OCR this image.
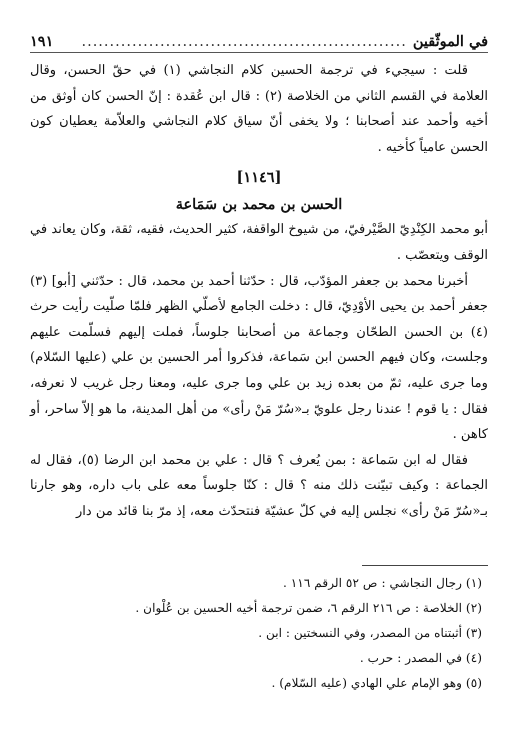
في الموثّقين
..........................................................
١٩١

قلت : سيجيء في ترجمة الحسين كلام النجاشي (١) في حقّ الحسن، وقال العلامة في القسم الثاني من الخلاصة (٢) : قال ابن عُقدة : إنّ الحسن كان أوثق من أخيه وأحمد عند أصحابنا ؛ ولا يخفى أنّ سياق كلام النجاشي والعلاّمة يعطيان كون الحسن عامياً كأخيه .

[١١٤٦]
الحسن بن محمد بن سَمَاعة

أبو محمد الكِنْدِيّ الصَّيْرفيّ، من شيوخ الواقفة، كثير الحديث، فقيه، ثقة، وكان يعاند في الوقف ويتعصّب .

أخبرنا محمد بن جعفر المؤدّب، قال : حدّثنا أحمد بن محمد، قال : حدّثني [أبو] (٣) جعفر أحمد بن يحيى الأوْدِيّ، قال : دخلت الجامع لأصلّي الظهر فلمّا صلّيت رأيت حرث (٤) بن الحسن الطحّان وجماعة من أصحابنا جلوساً، فملت إليهم فسلّمت عليهم وجلست، وكان فيهم الحسن ابن سَماعة، فذكروا أمر الحسين بن علي (عليها السّلام) وما جرى عليه، ثمّ من بعده زيد بن علي وما جرى عليه، ومعنا رجل غريب لا نعرفه، فقال : يا قوم ! عندنا رجل علويّ بـ«سُرّ مَنْ رأى» من أهل المدينة، ما هو إلاّ ساحر، أو كاهن .

فقال له ابن سَماعة : بمن يُعرف ؟ قال : علي بن محمد ابن الرضا (٥)، فقال له الجماعة : وكيف تبيّنت ذلك منه ؟ قال : كنّا جلوساً معه على باب داره، وهو جارنا بـ«سُرّ مَنْ رأى» نجلس إليه في كلّ عشيّة فنتحدّث معه، إذ مرّ بنا قائد من دار

(١) رجال النجاشي : ص ٥٢ الرقم ١١٦ .

(٢) الخلاصة : ص ٢١٦ الرقم ٦، ضمن ترجمة أخيه الحسين بن عُلْوان .

(٣) أثبتناه من المصدر، وفي النسختين : ابن .

(٤) في المصدر : حرب .

(٥) وهو الإمام علي الهادي (عليه السّلام) .
